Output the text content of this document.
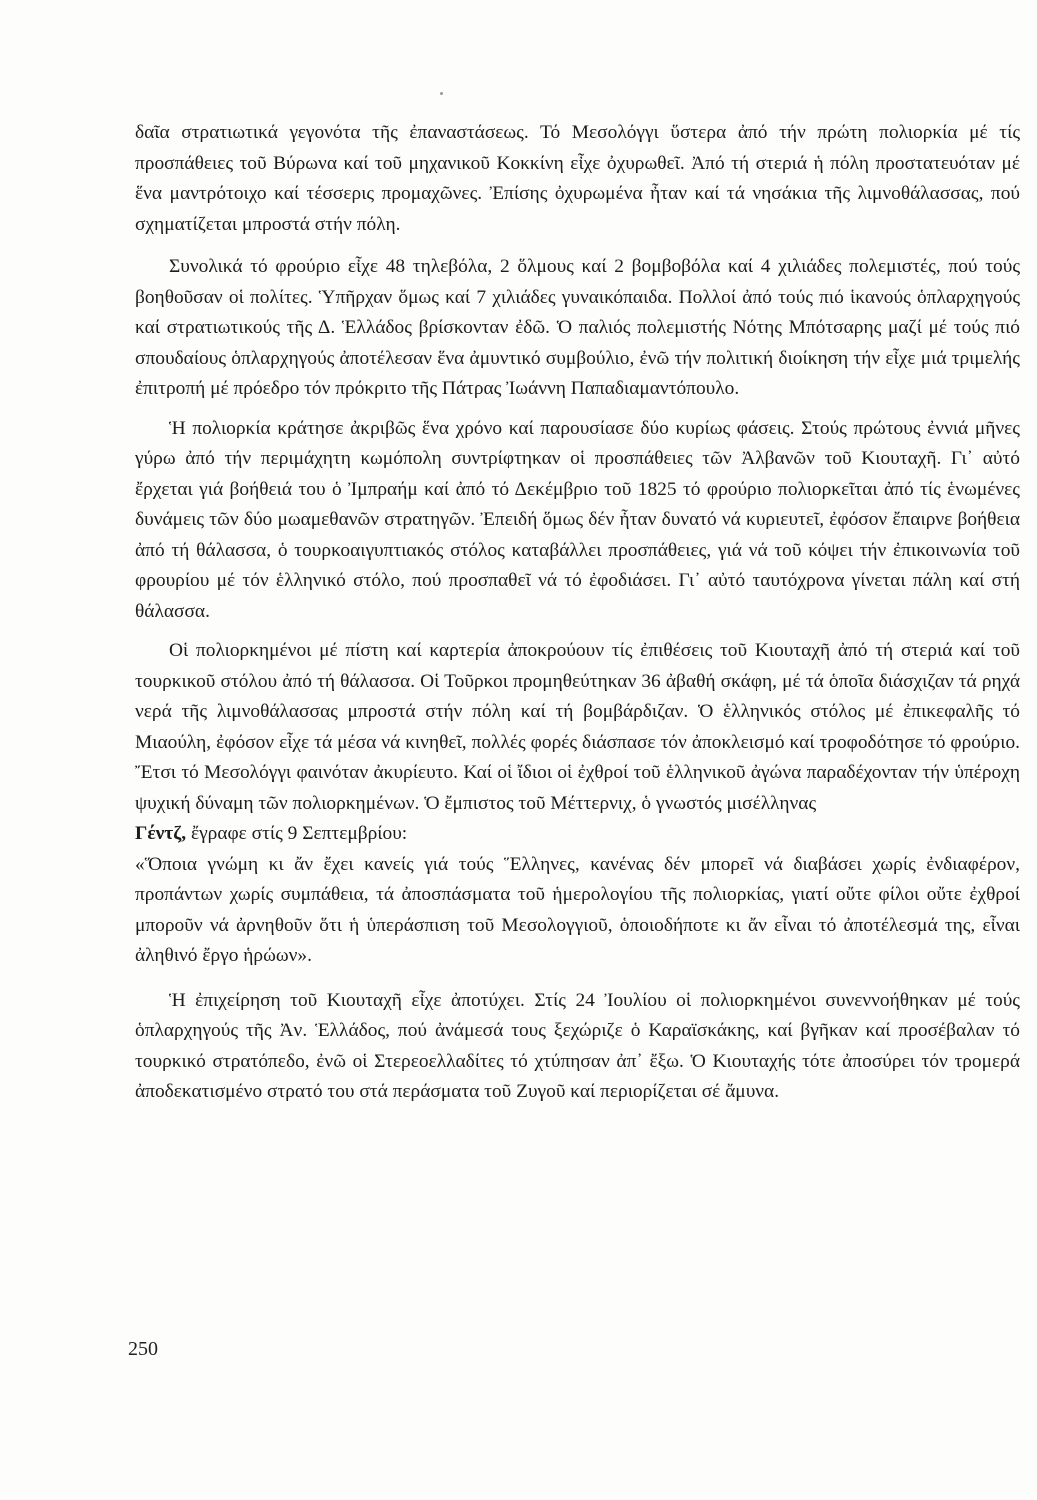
δαῖα στρατιωτικά γεγονότα τῆς ἐπαναστάσεως. Τό Μεσολόγγι ὕστερα ἀπό τήν πρώτη πολιορκία μέ τίς προσπάθειες τοῦ Βύρωνα καί τοῦ μηχανικοῦ Κοκκίνη εἶχε ὀχυρωθεῖ. Ἀπό τή στεριά ἡ πόλη προστατευόταν μέ ἕνα μαντρότοιχο καί τέσσερις προμαχῶνες. Ἐπίσης ὀχυρωμένα ἦταν καί τά νησάκια τῆς λιμνοθάλασσας, πού σχηματίζεται μπροστά στήν πόλη.

Συνολικά τό φρούριο εἶχε 48 τηλεβόλα, 2 ὅλμους καί 2 βομβοβόλα καί 4 χιλιάδες πολεμιστές, πού τούς βοηθοῦσαν οἱ πολίτες. Ὑπῆρχαν ὅμως καί 7 χιλιάδες γυναικόπαιδα. Πολλοί ἀπό τούς πιό ἱκανούς ὁπλαρχηγούς καί στρατιωτικούς τῆς Δ. Ἑλλάδος βρίσκονταν ἐδῶ. Ὁ παλιός πολεμιστής Νότης Μπότσαρης μαζί μέ τούς πιό σπουδαίους ὁπλαρχηγούς ἀποτέλεσαν ἕνα ἀμυντικό συμβούλιο, ἐνῶ τήν πολιτική διοίκηση τήν εἶχε μιά τριμελής ἐπιτροπή μέ πρόεδρο τόν πρόκριτο τῆς Πάτρας Ἰωάννη Παπαδιαμαντόπουλο.

Ἡ πολιορκία κράτησε ἀκριβῶς ἕνα χρόνο καί παρουσίασε δύο κυρίως φάσεις. Στούς πρώτους ἐννιά μῆνες γύρω ἀπό τήν περιμάχητη κωμόπολη συντρίφτηκαν οἱ προσπάθειες τῶν Ἀλβανῶν τοῦ Κιουταχῆ. Γι᾽ αὐτό ἔρχεται γιά βοήθειά του ὁ Ἰμπραήμ καί ἀπό τό Δεκέμβριο τοῦ 1825 τό φρούριο πολιορκεῖται ἀπό τίς ἑνωμένες δυνάμεις τῶν δύο μωαμεθανῶν στρατηγῶν. Ἐπειδή ὅμως δέν ἦταν δυνατό νά κυριευτεῖ, ἐφόσον ἔπαιρνε βοήθεια ἀπό τή θάλασσα, ὁ τουρκοαιγυπτιακός στόλος καταβάλλει προσπάθειες, γιά νά τοῦ κόψει τήν ἐπικοινωνία τοῦ φρουρίου μέ τόν ἑλληνικό στόλο, πού προσπαθεῖ νά τό ἐφοδιάσει. Γι᾽ αὐτό ταυτόχρονα γίνεται πάλη καί στή θάλασσα.

Οἱ πολιορκημένοι μέ πίστη καί καρτερία ἀποκρούουν τίς ἐπιθέσεις τοῦ Κιουταχῆ ἀπό τή στεριά καί τοῦ τουρκικοῦ στόλου ἀπό τή θάλασσα. Οἱ Τοῦρκοι προμηθεύτηκαν 36 ἀβαθή σκάφη, μέ τά ὁποῖα διάσχιζαν τά ρηχά νερά τῆς λιμνοθάλασσας μπροστά στήν πόλη καί τή βομβάρδιζαν. Ὁ ἑλληνικός στόλος μέ ἐπικεφαλῆς τό Μιαούλη, ἐφόσον εἶχε τά μέσα νά κινηθεῖ, πολλές φορές διάσπασε τόν ἀποκλεισμό καί τροφοδότησε τό φρούριο. Ἔτσι τό Μεσολόγγι φαινόταν ἀκυρίευτο. Καί οἱ ἴδιοι οἱ ἐχθροί τοῦ ἑλληνικοῦ ἀγώνα παραδέχονταν τήν ὑπέροχη ψυχική δύναμη τῶν πολιορκημένων. Ὁ ἔμπιστος τοῦ Μέττερνιχ, ὁ γνωστός μισέλληνας

Γέντζ, ἔγραφε στίς 9 Σεπτεμβρίου:

«Ὅποια γνώμη κι ἄν ἔχει κανείς γιά τούς Ἕλληνες, κανένας δέν μπορεῖ νά διαβάσει χωρίς ἐνδιαφέρον, προπάντων χωρίς συμπάθεια, τά ἀποσπάσματα τοῦ ἡμερολογίου τῆς πολιορκίας, γιατί οὔτε φίλοι οὔτε ἐχθροί μποροῦν νά ἀρνηθοῦν ὅτι ἡ ὑπεράσπιση τοῦ Μεσολογγιοῦ, ὁποιοδήποτε κι ἄν εἶναι τό ἀποτέλεσμά της, εἶναι ἀληθινό ἔργο ἡρώων».

Ἡ ἐπιχείρηση τοῦ Κιουταχῆ εἶχε ἀποτύχει. Στίς 24 Ἰουλίου οἱ πολιορκημένοι συνεννοήθηκαν μέ τούς ὁπλαρχηγούς τῆς Ἀν. Ἑλλάδος, πού ἀνάμεσά τους ξεχώριζε ὁ Καραϊσκάκης, καί βγῆκαν καί προσέβαλαν τό τουρκικό στρατόπεδο, ἐνῶ οἱ Στερεοελλαδίτες τό χτύπησαν ἀπ᾽ ἔξω. Ὁ Κιουταχής τότε ἀποσύρει τόν τρομερά ἀποδεκατισμένο στρατό του στά περάσματα τοῦ Ζυγοῦ καί περιορίζεται σέ ἄμυνα.

250
